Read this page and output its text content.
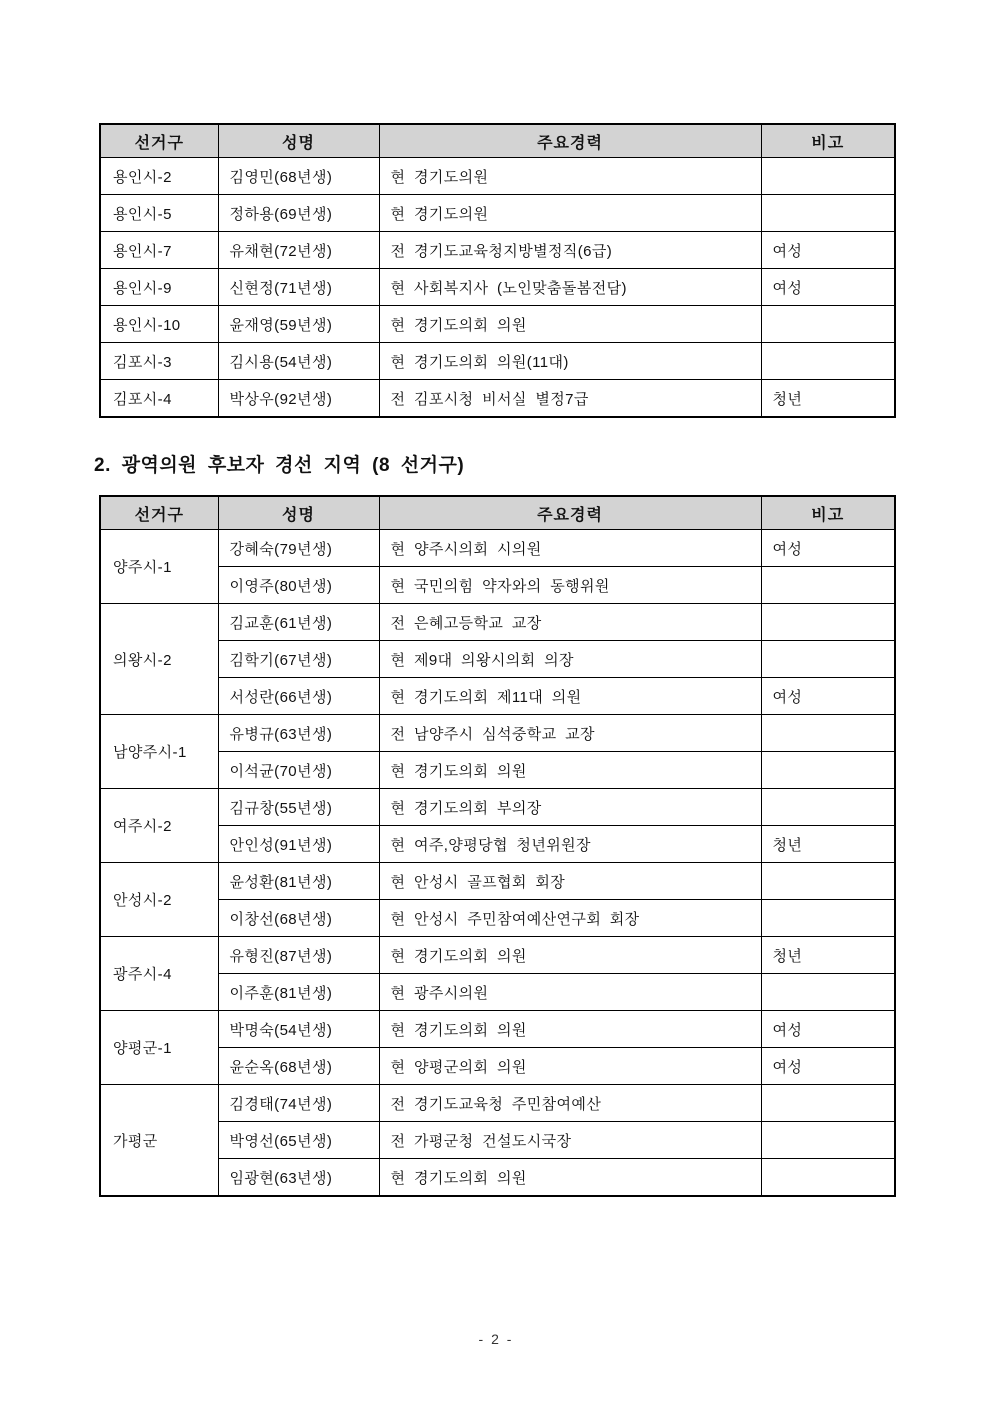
선거구	성명	주요경력	비고
용인시-2	김영민(68년생)	현 경기도의원	
용인시-5	정하용(69년생)	현 경기도의원	
용인시-7	유채현(72년생)	전 경기도교육청지방별정직(6급)	여성
용인시-9	신현정(71년생)	현 사회복지사 (노인맞춤돌봄전담)	여성
용인시-10	윤재영(59년생)	현 경기도의회 의원	
김포시-3	김시용(54년생)	현 경기도의회 의원(11대)	
김포시-4	박상우(92년생)	전 김포시청 비서실 별정7급	청년
2. 광역의원 후보자 경선 지역 (8 선거구)
선거구	성명	주요경력	비고
양주시-1	강혜숙(79년생)	현 양주시의회 시의원	여성
	이영주(80년생)	현 국민의힘 약자와의 동행위원	
의왕시-2	김교훈(61년생)	전 은혜고등학교 교장	
	김학기(67년생)	현 제9대 의왕시의회 의장	
	서성란(66년생)	현 경기도의회 제11대 의원	여성
남양주시-1	유병규(63년생)	전 남양주시 심석중학교 교장	
	이석균(70년생)	현 경기도의회 의원	
여주시-2	김규창(55년생)	현 경기도의회 부의장	
	안인성(91년생)	현 여주,양평당협 청년위원장	청년
안성시-2	윤성환(81년생)	현 안성시 골프협회 회장	
	이창선(68년생)	현 안성시 주민참여예산연구회 회장	
광주시-4	유형진(87년생)	현 경기도의회 의원	청년
	이주훈(81년생)	현 광주시의원	
양평군-1	박명숙(54년생)	현 경기도의회 의원	여성
	윤순옥(68년생)	현 양평군의회 의원	여성
가평군	김경태(74년생)	전 경기도교육청 주민참여예산	
	박영선(65년생)	전 가평군청 건설도시국장	
	임광현(63년생)	현 경기도의회 의원	
- 2 -
